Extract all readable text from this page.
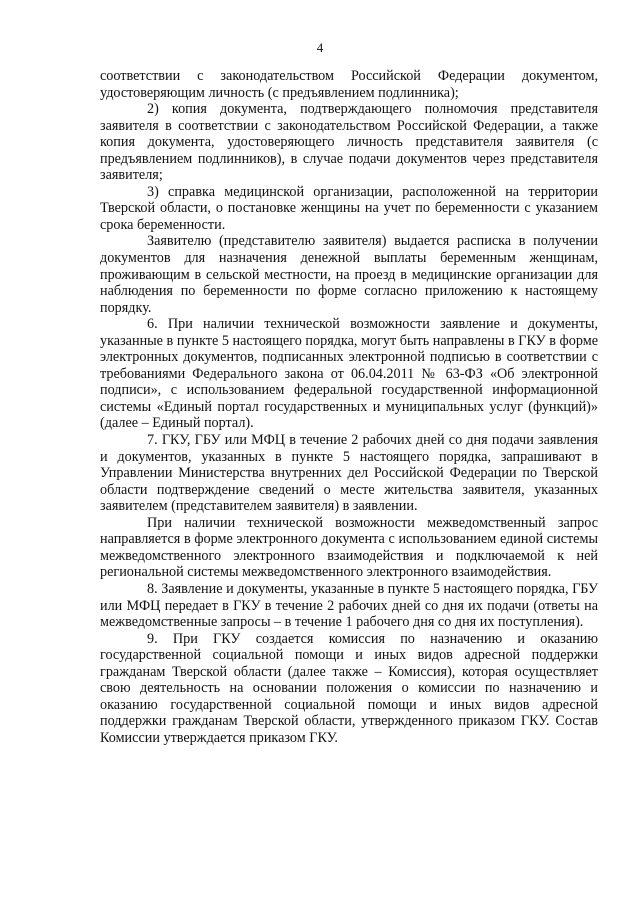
4

соответствии с законодательством Российской Федерации документом, удостоверяющим личность (с предъявлением подлинника);

2) копия документа, подтверждающего полномочия представителя заявителя в соответствии с законодательством Российской Федерации, а также копия документа, удостоверяющего личность представителя заявителя (с предъявлением подлинников), в случае подачи документов через представителя заявителя;

3) справка медицинской организации, расположенной на территории Тверской области, о постановке женщины на учет по беременности с указанием срока беременности.

Заявителю (представителю заявителя) выдается расписка в получении документов для назначения денежной выплаты беременным женщинам, проживающим в сельской местности, на проезд в медицинские организации для наблюдения по беременности по форме согласно приложению к настоящему порядку.

6. При наличии технической возможности заявление и документы, указанные в пункте 5 настоящего порядка, могут быть направлены в ГКУ в форме электронных документов, подписанных электронной подписью в соответствии с требованиями Федерального закона от 06.04.2011 № 63-ФЗ «Об электронной подписи», с использованием федеральной государственной информационной системы «Единый портал государственных и муниципальных услуг (функций)» (далее – Единый портал).

7. ГКУ, ГБУ или МФЦ в течение 2 рабочих дней со дня подачи заявления и документов, указанных в пункте 5 настоящего порядка, запрашивают в Управлении Министерства внутренних дел Российской Федерации по Тверской области подтверждение сведений о месте жительства заявителя, указанных заявителем (представителем заявителя) в заявлении.

При наличии технической возможности межведомственный запрос направляется в форме электронного документа с использованием единой системы межведомственного электронного взаимодействия и подключаемой к ней региональной системы межведомственного электронного взаимодействия.

8. Заявление и документы, указанные в пункте 5 настоящего порядка, ГБУ или МФЦ передает в ГКУ в течение 2 рабочих дней со дня их подачи (ответы на межведомственные запросы – в течение 1 рабочего дня со дня их поступления).

9. При ГКУ создается комиссия по назначению и оказанию государственной социальной помощи и иных видов адресной поддержки гражданам Тверской области (далее также – Комиссия), которая осуществляет свою деятельность на основании положения о комиссии по назначению и оказанию государственной социальной помощи и иных видов адресной поддержки гражданам Тверской области, утвержденного приказом ГКУ. Состав Комиссии утверждается приказом ГКУ.
